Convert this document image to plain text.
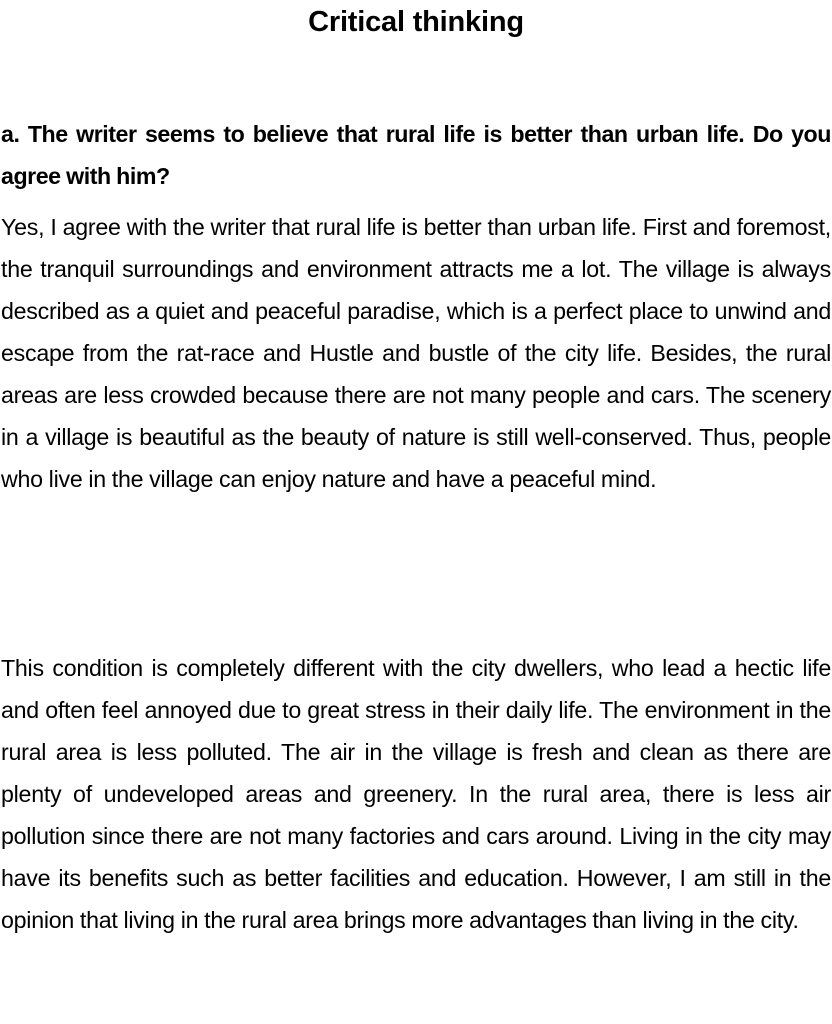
Critical thinking
a. The writer seems to believe that rural life is better than urban life. Do you agree with him?

Yes, I agree with the writer that rural life is better than urban life. First and foremost, the tranquil surroundings and environment attracts me a lot. The village is always described as a quiet and peaceful paradise, which is a perfect place to unwind and escape from the rat-race and Hustle and bustle of the city life. Besides, the rural areas are less crowded because there are not many people and cars. The scenery in a village is beautiful as the beauty of nature is still well-conserved. Thus, people who live in the village can enjoy nature and have a peaceful mind.

This condition is completely different with the city dwellers, who lead a hectic life and often feel annoyed due to great stress in their daily life. The environment in the rural area is less polluted. The air in the village is fresh and clean as there are plenty of undeveloped areas and greenery. In the rural area, there is less air pollution since there are not many factories and cars around. Living in the city may have its benefits such as better facilities and education. However, I am still in the opinion that living in the rural area brings more advantages than living in the city.
